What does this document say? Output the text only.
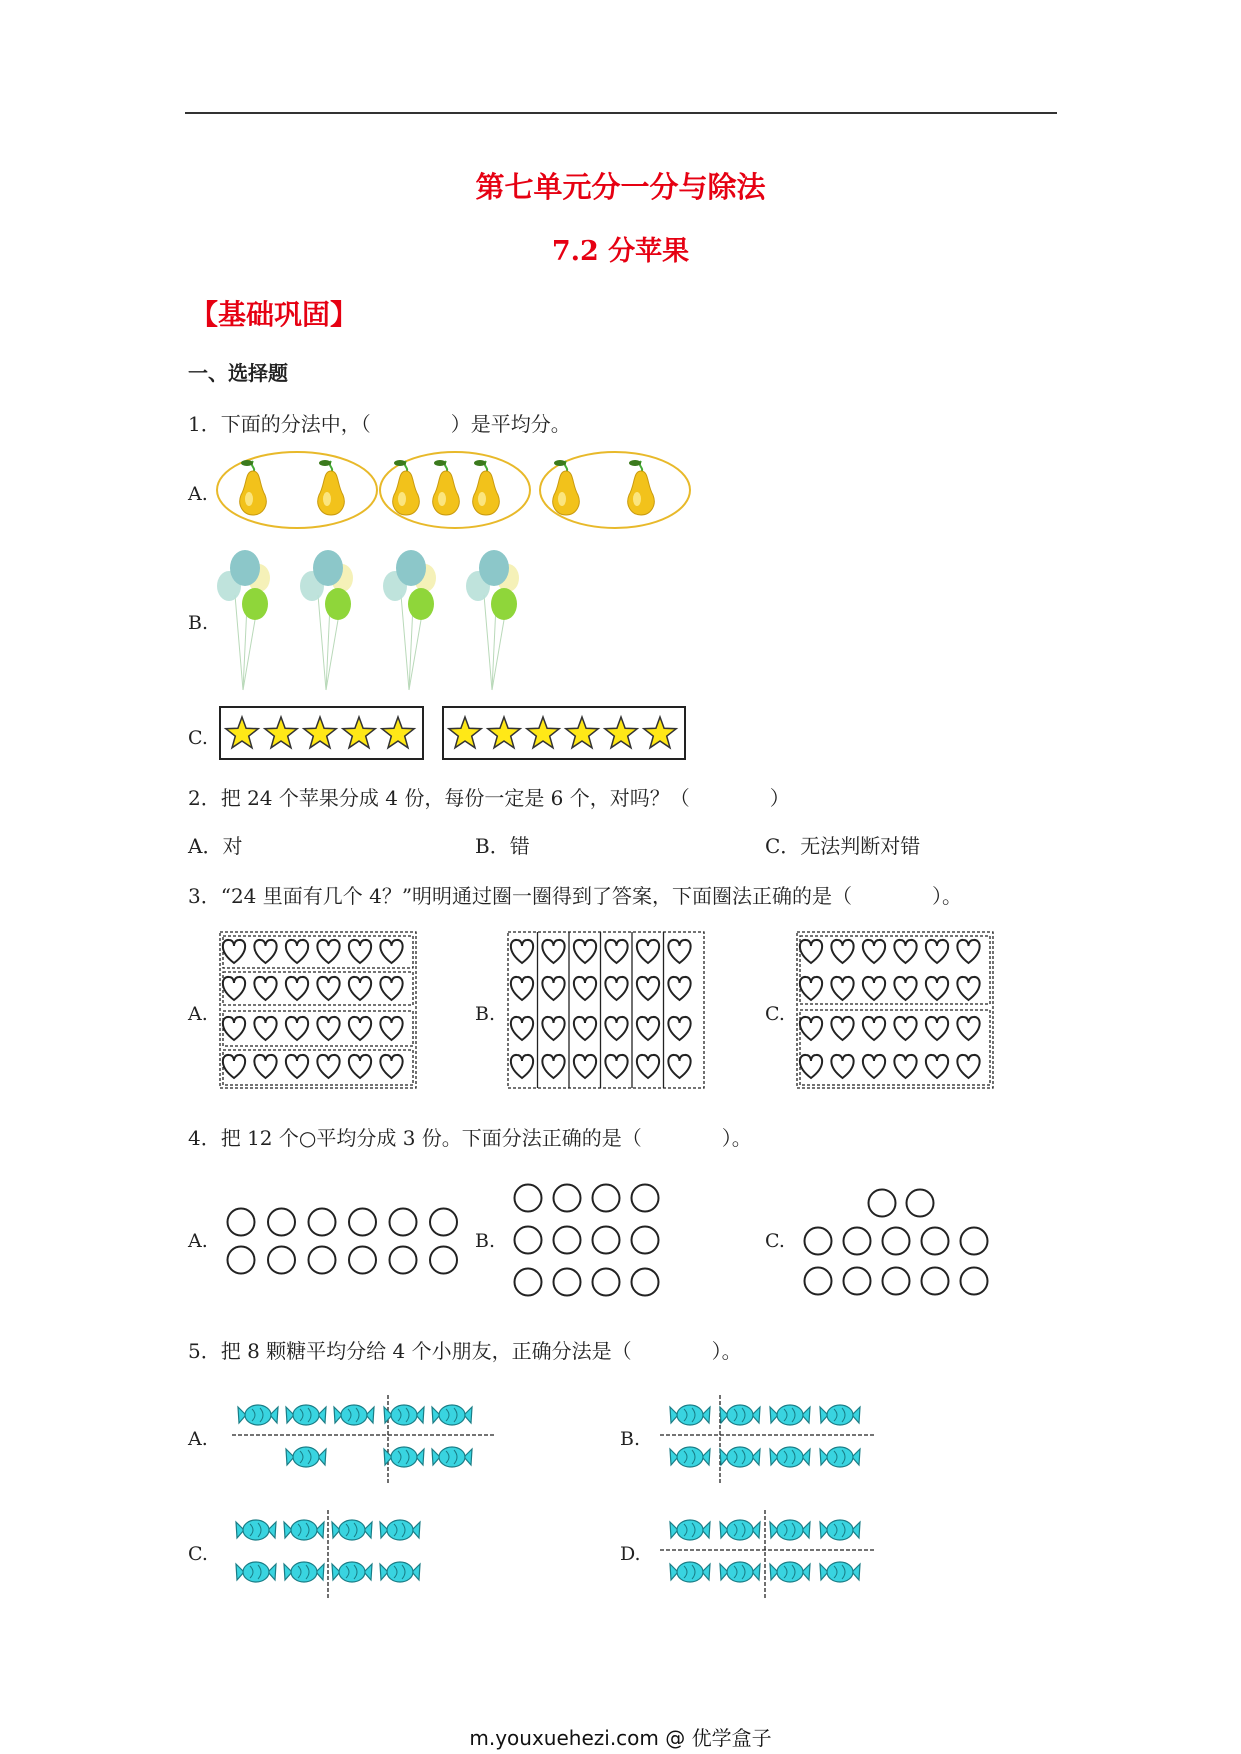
第七单元分一分与除法
7.2 分苹果
【基础巩固】
一、选择题
1．下面的分法中，（　　　　）是平均分。
A.
B.
C.
2．把 24 个苹果分成 4 份，每份一定是 6 个，对吗？（　　　　）
A．对	B．错	C．无法判断对错
3．“24 里面有几个 4？”明明通过圈一圈得到了答案，下面圈法正确的是（　　　　）。
A.	B.	C.
4．把 12 个○平均分成 3 份。下面分法正确的是（　　　　）。
A.	B.	C.
5．把 8 颗糖平均分给 4 个小朋友，正确分法是（　　　　）。
A.	B.
C.	D.
m.youxuehezi.com @ 优学盒子
